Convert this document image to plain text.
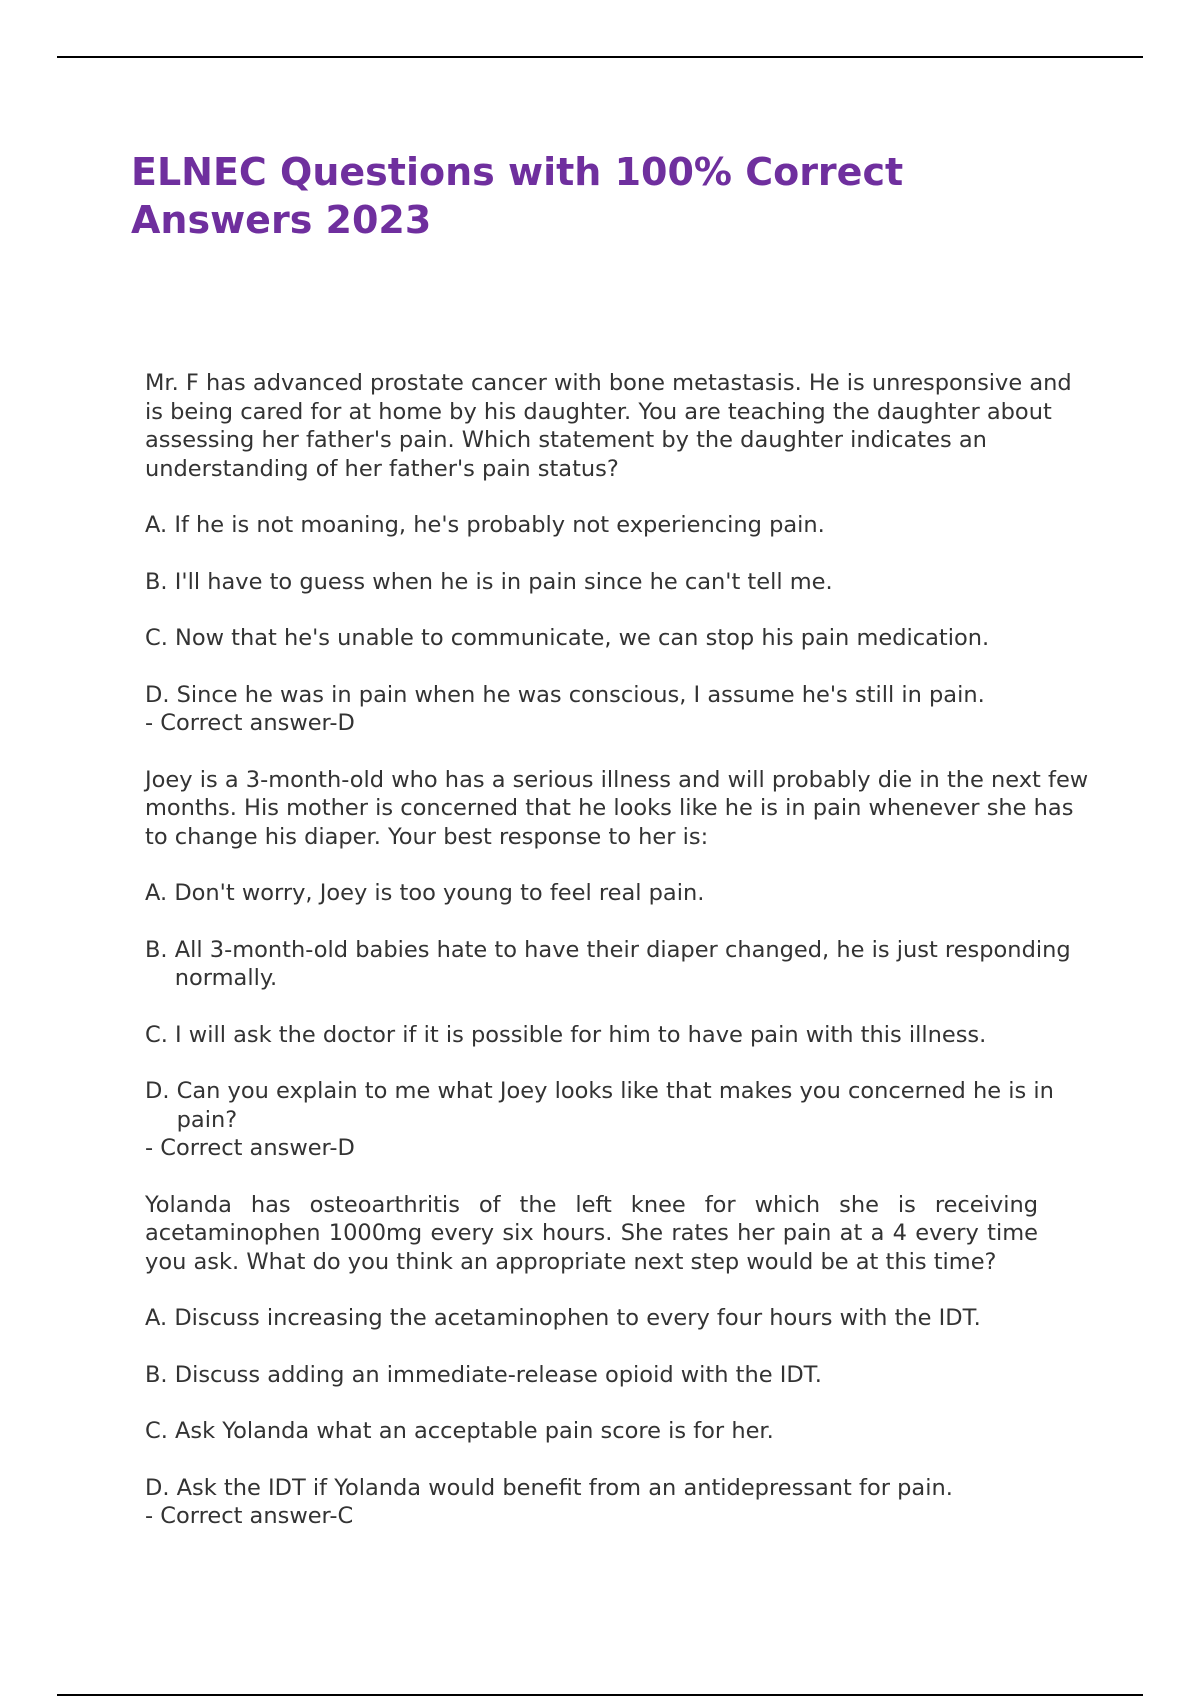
ELNEC Questions with 100% Correct Answers 2023

Mr. F has advanced prostate cancer with bone metastasis. He is unresponsive and is being cared for at home by his daughter. You are teaching the daughter about assessing her father's pain. Which statement by the daughter indicates an understanding of her father's pain status?

A. If he is not moaning, he's probably not experiencing pain.

B. I'll have to guess when he is in pain since he can't tell me.

C. Now that he's unable to communicate, we can stop his pain medication.

D. Since he was in pain when he was conscious, I assume he's still in pain.

- Correct answer-D

Joey is a 3-month-old who has a serious illness and will probably die in the next few months. His mother is concerned that he looks like he is in pain whenever she has to change his diaper. Your best response to her is:

A. Don't worry, Joey is too young to feel real pain.

B. All 3-month-old babies hate to have their diaper changed, he is just responding normally.

C. I will ask the doctor if it is possible for him to have pain with this illness.

D. Can you explain to me what Joey looks like that makes you concerned he is in pain?

- Correct answer-D

Yolanda has osteoarthritis of the left knee for which she is receiving acetaminophen 1000mg every six hours. She rates her pain at a 4 every time you ask. What do you think an appropriate next step would be at this time?

A. Discuss increasing the acetaminophen to every four hours with the IDT.

B. Discuss adding an immediate-release opioid with the IDT.

C. Ask Yolanda what an acceptable pain score is for her.

D. Ask the IDT if Yolanda would benefit from an antidepressant for pain.

- Correct answer-C
